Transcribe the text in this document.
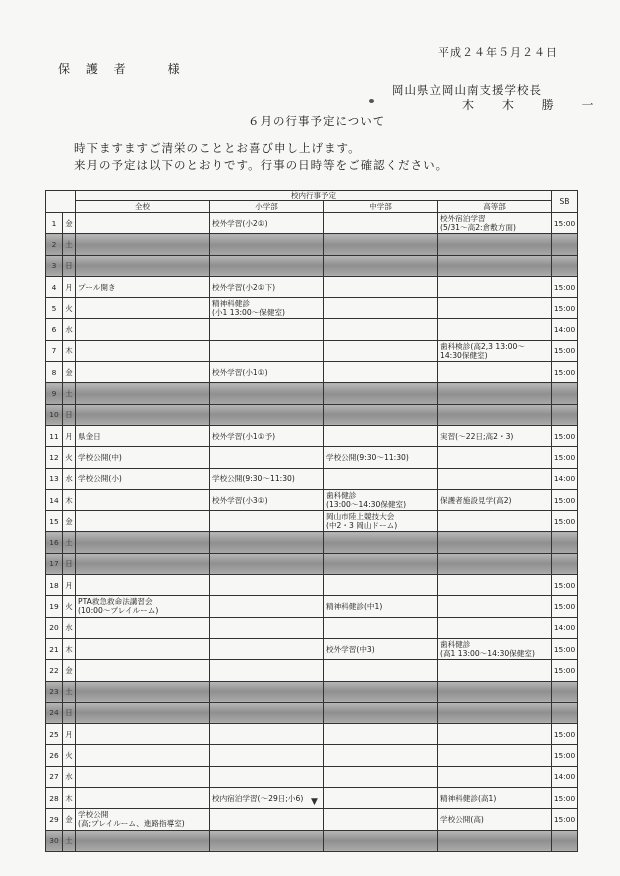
平成２４年５月２４日
保 護 者　　様
岡山県立岡山南支援学校長
木 木 勝 一
６月の行事予定について
時下ますますご清栄のこととお喜び申し上げます。
来月の予定は以下のとおりです。行事の日時等をご確認ください。
		校内行事予定				SB
		全校	小学部	中学部	高等部	

1	金		校外学習(小2①)		校外宿泊学習
(5/31～高2:倉敷方面)	15:00

2	土					

3	日					

4	月	プール開き	校外学習(小2①下)			15:00

5	火		精神科健診
(小1 13:00～保健室)			15:00

6	水					14:00

7	木				歯科検診(高2,3 13:00～
14:30保健室)	15:00

8	金		校外学習(小1①)			15:00

9	土					

10	日					

11	月	県金日	校外学習(小1①予)		実習(～22日;高2・3)	15:00

12	火	学校公開(中)		学校公開(9:30～11:30)		15:00

13	水	学校公開(小)	学校公開(9:30～11:30)			14:00

14	木		校外学習(小3①)	歯科健診
(13:00～14:30保健室)	保護者施設見学(高2)	15:00

15	金			岡山市陸上競技大会
(中2・3 岡山ドーム)		15:00

16	土					

17	日					

18	月					15:00

19	火	PTA救急救命法講習会
(10:00～プレイルーム)		精神科健診(中1)		15:00

20	水					14:00

21	木			校外学習(中3)	歯科健診
(高1 13:00～14:30保健室)	15:00

22	金					15:00

23	土					

24	日					

25	月					15:00

26	火					15:00

27	水					14:00

28	木		校内宿泊学習(～29日;小6)		精神科健診(高1)	15:00

29	金	学校公開
(高;プレイルーム、進路指導室)			学校公開(高)	15:00

30	土					

▼
